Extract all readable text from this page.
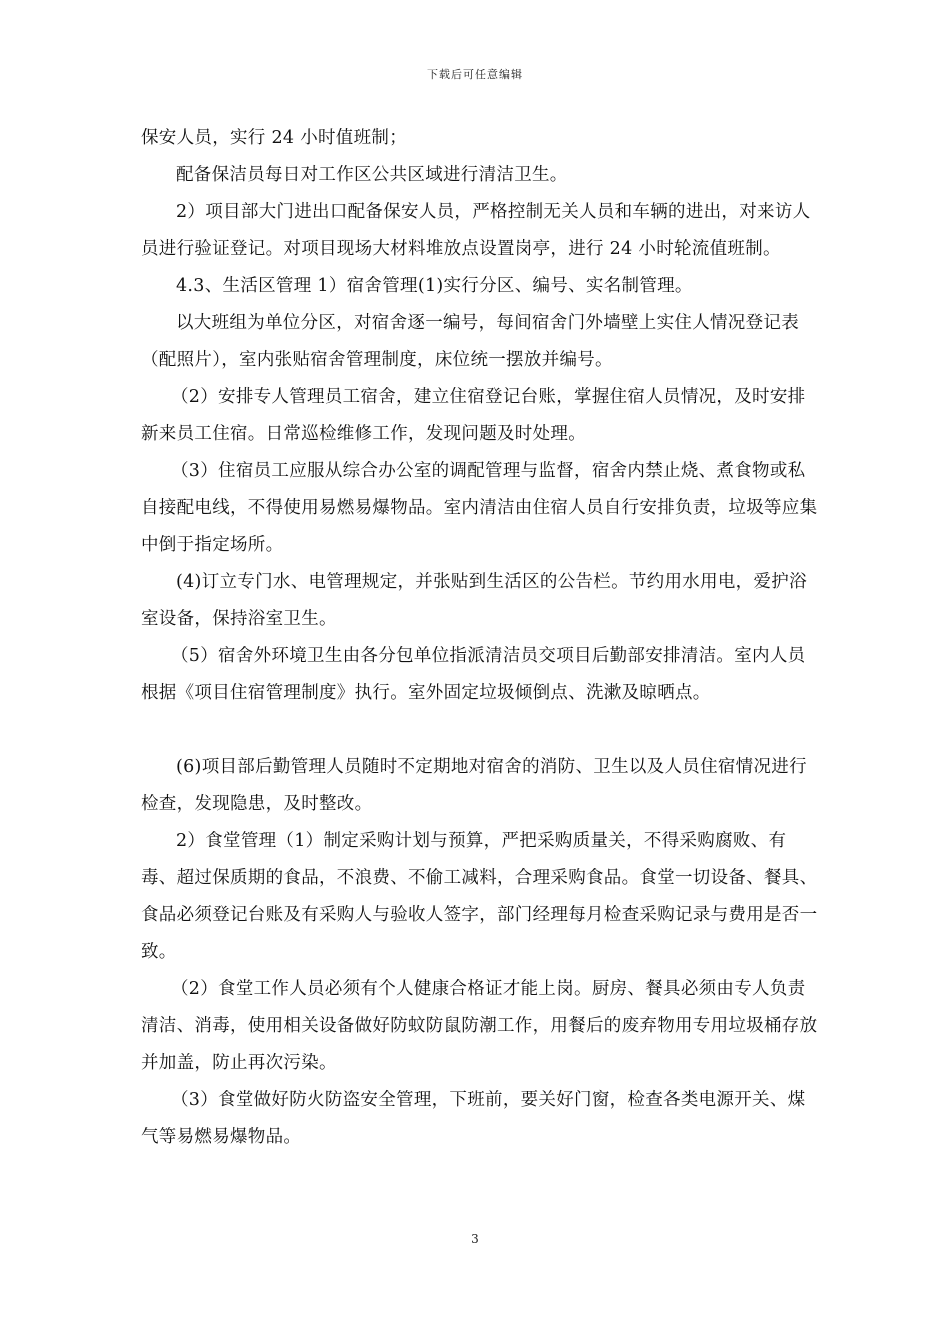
下载后可任意编辑

保安人员，实行 24 小时值班制；

配备保洁员每日对工作区公共区域进行清洁卫生。

2）项目部大门进出口配备保安人员，严格控制无关人员和车辆的进出，对来访人员进行验证登记。对项目现场大材料堆放点设置岗亭，进行 24 小时轮流值班制。

4.3、生活区管理 1）宿舍管理(1)实行分区、编号、实名制管理。

以大班组为单位分区，对宿舍逐一编号，每间宿舍门外墙壁上实住人情况登记表（配照片），室内张贴宿舍管理制度，床位统一摆放并编号。

（2）安排专人管理员工宿舍，建立住宿登记台账，掌握住宿人员情况，及时安排新来员工住宿。日常巡检维修工作，发现问题及时处理。

（3）住宿员工应服从综合办公室的调配管理与监督，宿舍内禁止烧、煮食物或私自接配电线，不得使用易燃易爆物品。室内清洁由住宿人员自行安排负责，垃圾等应集中倒于指定场所。

(4)订立专门水、电管理规定，并张贴到生活区的公告栏。节约用水用电，爱护浴室设备，保持浴室卫生。

（5）宿舍外环境卫生由各分包单位指派清洁员交项目后勤部安排清洁。室内人员根据《项目住宿管理制度》执行。室外固定垃圾倾倒点、洗漱及晾晒点。

(6)项目部后勤管理人员随时不定期地对宿舍的消防、卫生以及人员住宿情况进行检查，发现隐患，及时整改。

2）食堂管理（1）制定采购计划与预算，严把采购质量关，不得采购腐败、有毒、超过保质期的食品，不浪费、不偷工减料，合理采购食品。食堂一切设备、餐具、食品必须登记台账及有采购人与验收人签字，部门经理每月检查采购记录与费用是否一致。

（2）食堂工作人员必须有个人健康合格证才能上岗。厨房、餐具必须由专人负责清洁、消毒，使用相关设备做好防蚊防鼠防潮工作，用餐后的废弃物用专用垃圾桶存放并加盖，防止再次污染。

（3）食堂做好防火防盗安全管理，下班前，要关好门窗，检查各类电源开关、煤气等易燃易爆物品。

3
